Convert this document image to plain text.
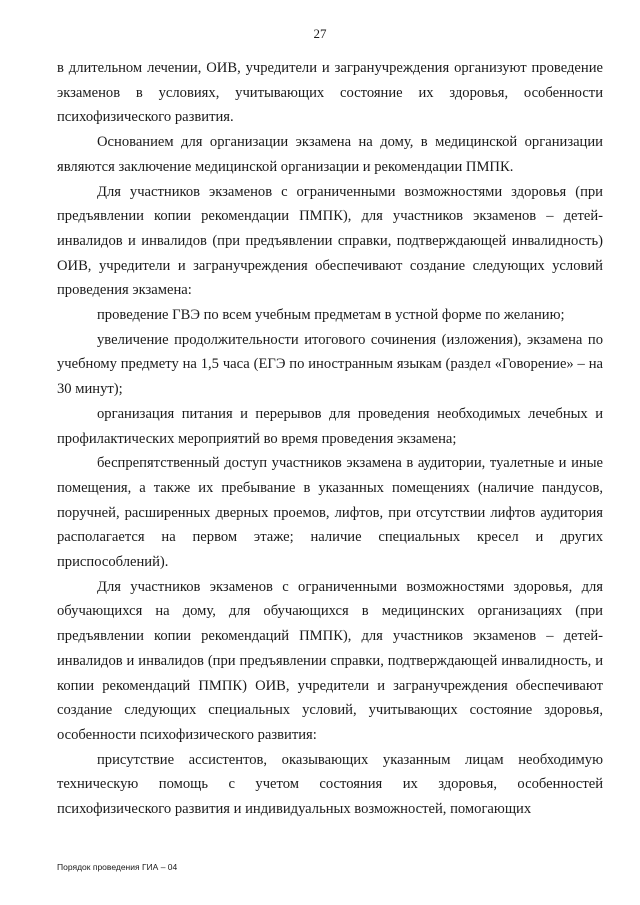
27

в длительном лечении, ОИВ, учредители и загранучреждения организуют проведение экзаменов в условиях, учитывающих состояние их здоровья, особенности психофизического развития.

Основанием для организации экзамена на дому, в медицинской организации являются заключение медицинской организации и рекомендации ПМПК.

Для участников экзаменов с ограниченными возможностями здоровья (при предъявлении копии рекомендации ПМПК), для участников экзаменов – детей-инвалидов и инвалидов (при предъявлении справки, подтверждающей инвалидность) ОИВ, учредители и загранучреждения обеспечивают создание следующих условий проведения экзамена:

проведение ГВЭ по всем учебным предметам в устной форме по желанию;

увеличение продолжительности итогового сочинения (изложения), экзамена по учебному предмету на 1,5 часа (ЕГЭ по иностранным языкам (раздел «Говорение» – на 30 минут);

организация питания и перерывов для проведения необходимых лечебных и профилактических мероприятий во время проведения экзамена;

беспрепятственный доступ участников экзамена в аудитории, туалетные и иные помещения, а также их пребывание в указанных помещениях (наличие пандусов, поручней, расширенных дверных проемов, лифтов, при отсутствии лифтов аудитория располагается на первом этаже; наличие специальных кресел и других приспособлений).

Для участников экзаменов с ограниченными возможностями здоровья, для обучающихся на дому, для обучающихся в медицинских организациях (при предъявлении копии рекомендаций ПМПК), для участников экзаменов – детей-инвалидов и инвалидов (при предъявлении справки, подтверждающей инвалидность, и копии рекомендаций ПМПК) ОИВ, учредители и загранучреждения обеспечивают создание следующих специальных условий, учитывающих состояние здоровья, особенности психофизического развития:

присутствие ассистентов, оказывающих указанным лицам необходимую техническую помощь с учетом состояния их здоровья, особенностей психофизического развития и индивидуальных возможностей, помогающих

Порядок проведения ГИА – 04
